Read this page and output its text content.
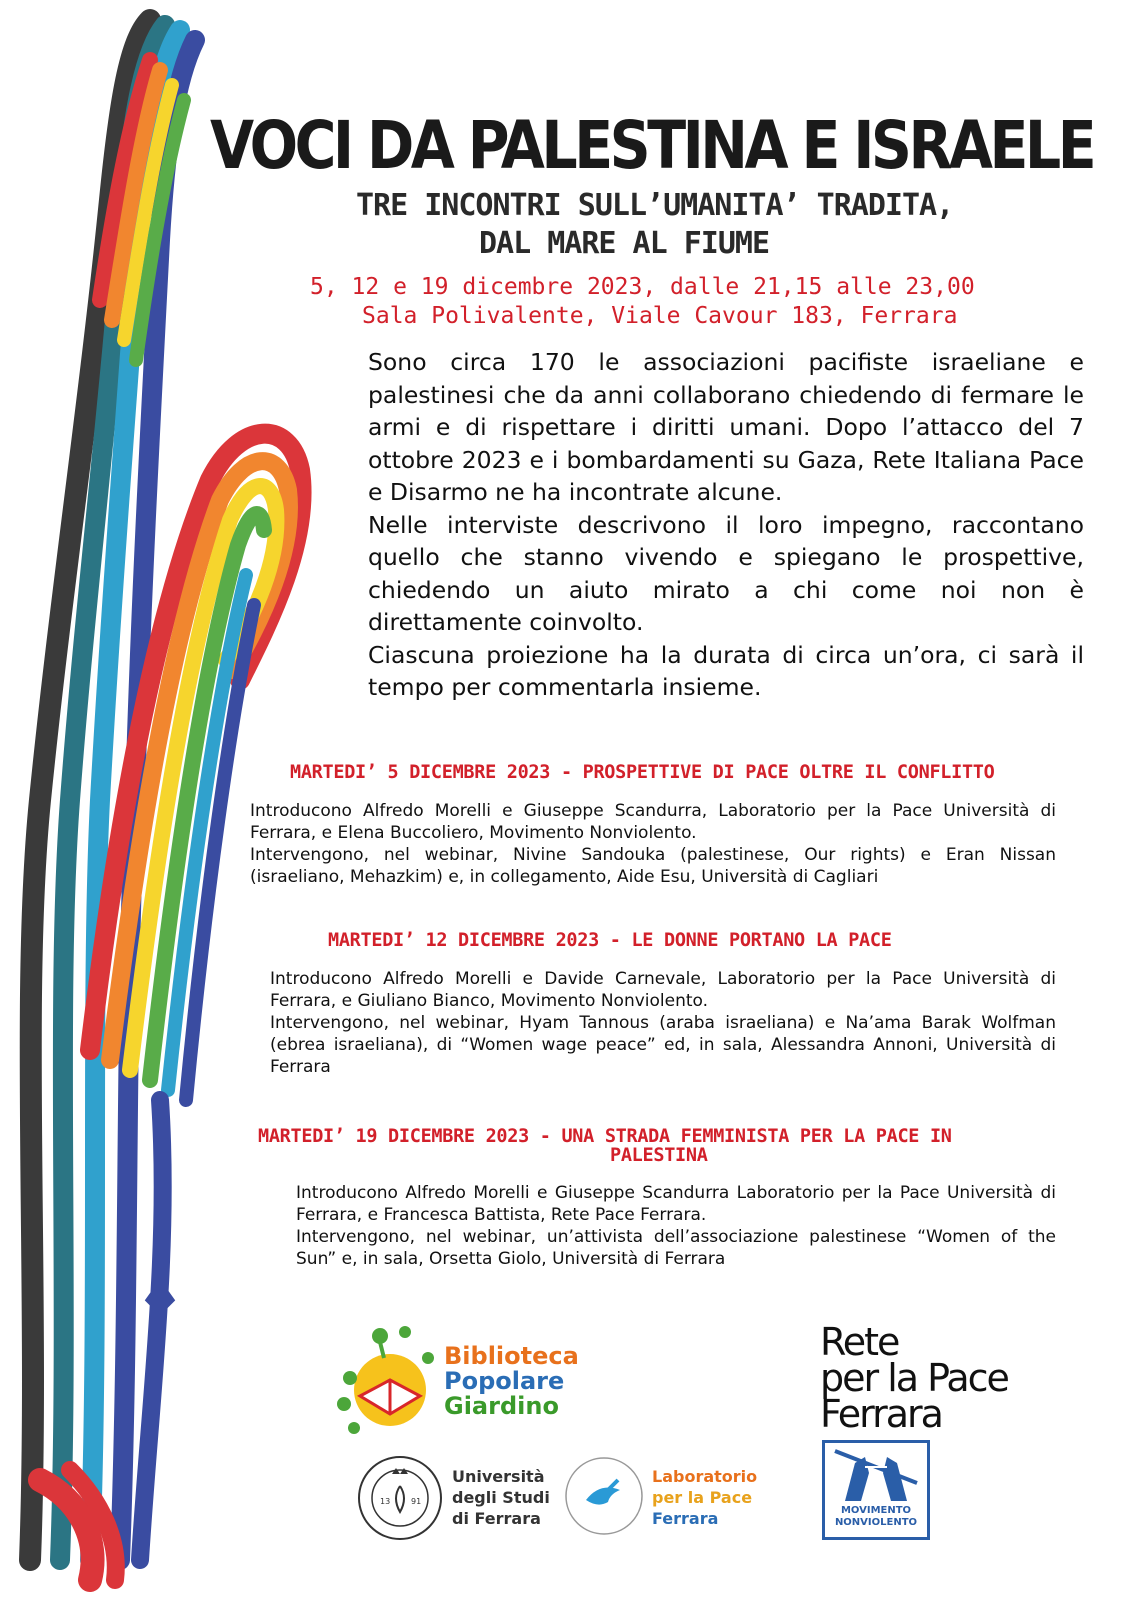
VOCI DA PALESTINA E ISRAELE
TRE INCONTRI SULL’UMANITA’ TRADITA,
DAL MARE AL FIUME
5, 12 e 19 dicembre 2023, dalle 21,15 alle 23,00
Sala Polivalente, Viale Cavour 183, Ferrara

Sono circa 170 le associazioni pacifiste israeliane e palestinesi che da anni collaborano chiedendo di fermare le armi e di rispettare i diritti umani. Dopo l’attacco del 7 ottobre 2023 e i bombardamenti su Gaza, Rete Italiana Pace e Disarmo ne ha incontrate alcune.

Nelle interviste descrivono il loro impegno, raccontano quello che stanno vivendo e spiegano le prospettive, chiedendo un aiuto mirato a chi come noi non è direttamente coinvolto.

Ciascuna proiezione ha la durata di circa un’ora, ci sarà il tempo per commentarla insieme.

MARTEDI’ 5 DICEMBRE 2023 - PROSPETTIVE DI PACE OLTRE IL CONFLITTO

Introducono Alfredo Morelli e Giuseppe Scandurra, Laboratorio per la Pace Università di Ferrara, e Elena Buccoliero, Movimento Nonviolento.

Intervengono, nel webinar, Nivine Sandouka (palestinese, Our rights) e Eran Nissan (israeliano, Mehazkim) e, in collegamento, Aide Esu, Università di Cagliari

MARTEDI’ 12 DICEMBRE 2023 - LE DONNE PORTANO LA PACE

Introducono Alfredo Morelli e Davide Carnevale, Laboratorio per la Pace Università di Ferrara, e Giuliano Bianco, Movimento Nonviolento.

Intervengono, nel webinar, Hyam Tannous (araba israeliana) e Na’ama Barak Wolfman (ebrea israeliana), di “Women wage peace” ed, in sala, Alessandra Annoni, Università di Ferrara

MARTEDI’ 19 DICEMBRE 2023 - UNA STRADA FEMMINISTA PER LA PACE IN
PALESTINA

Introducono Alfredo Morelli e Giuseppe Scandurra Laboratorio per la Pace Università di Ferrara, e Francesca Battista, Rete Pace Ferrara.

Intervengono, nel webinar, un’attivista dell’associazione palestinese “Women of the Sun” e, in sala, Orsetta Giolo, Università di Ferrara

Biblioteca
Popolare
Giardino
13	91
Università
degli Studi
di Ferrara
Laboratorio
per la Pace
Ferrara
Rete
per la Pace
Ferrara
MOVIMENTO
NONVIOLENTO
